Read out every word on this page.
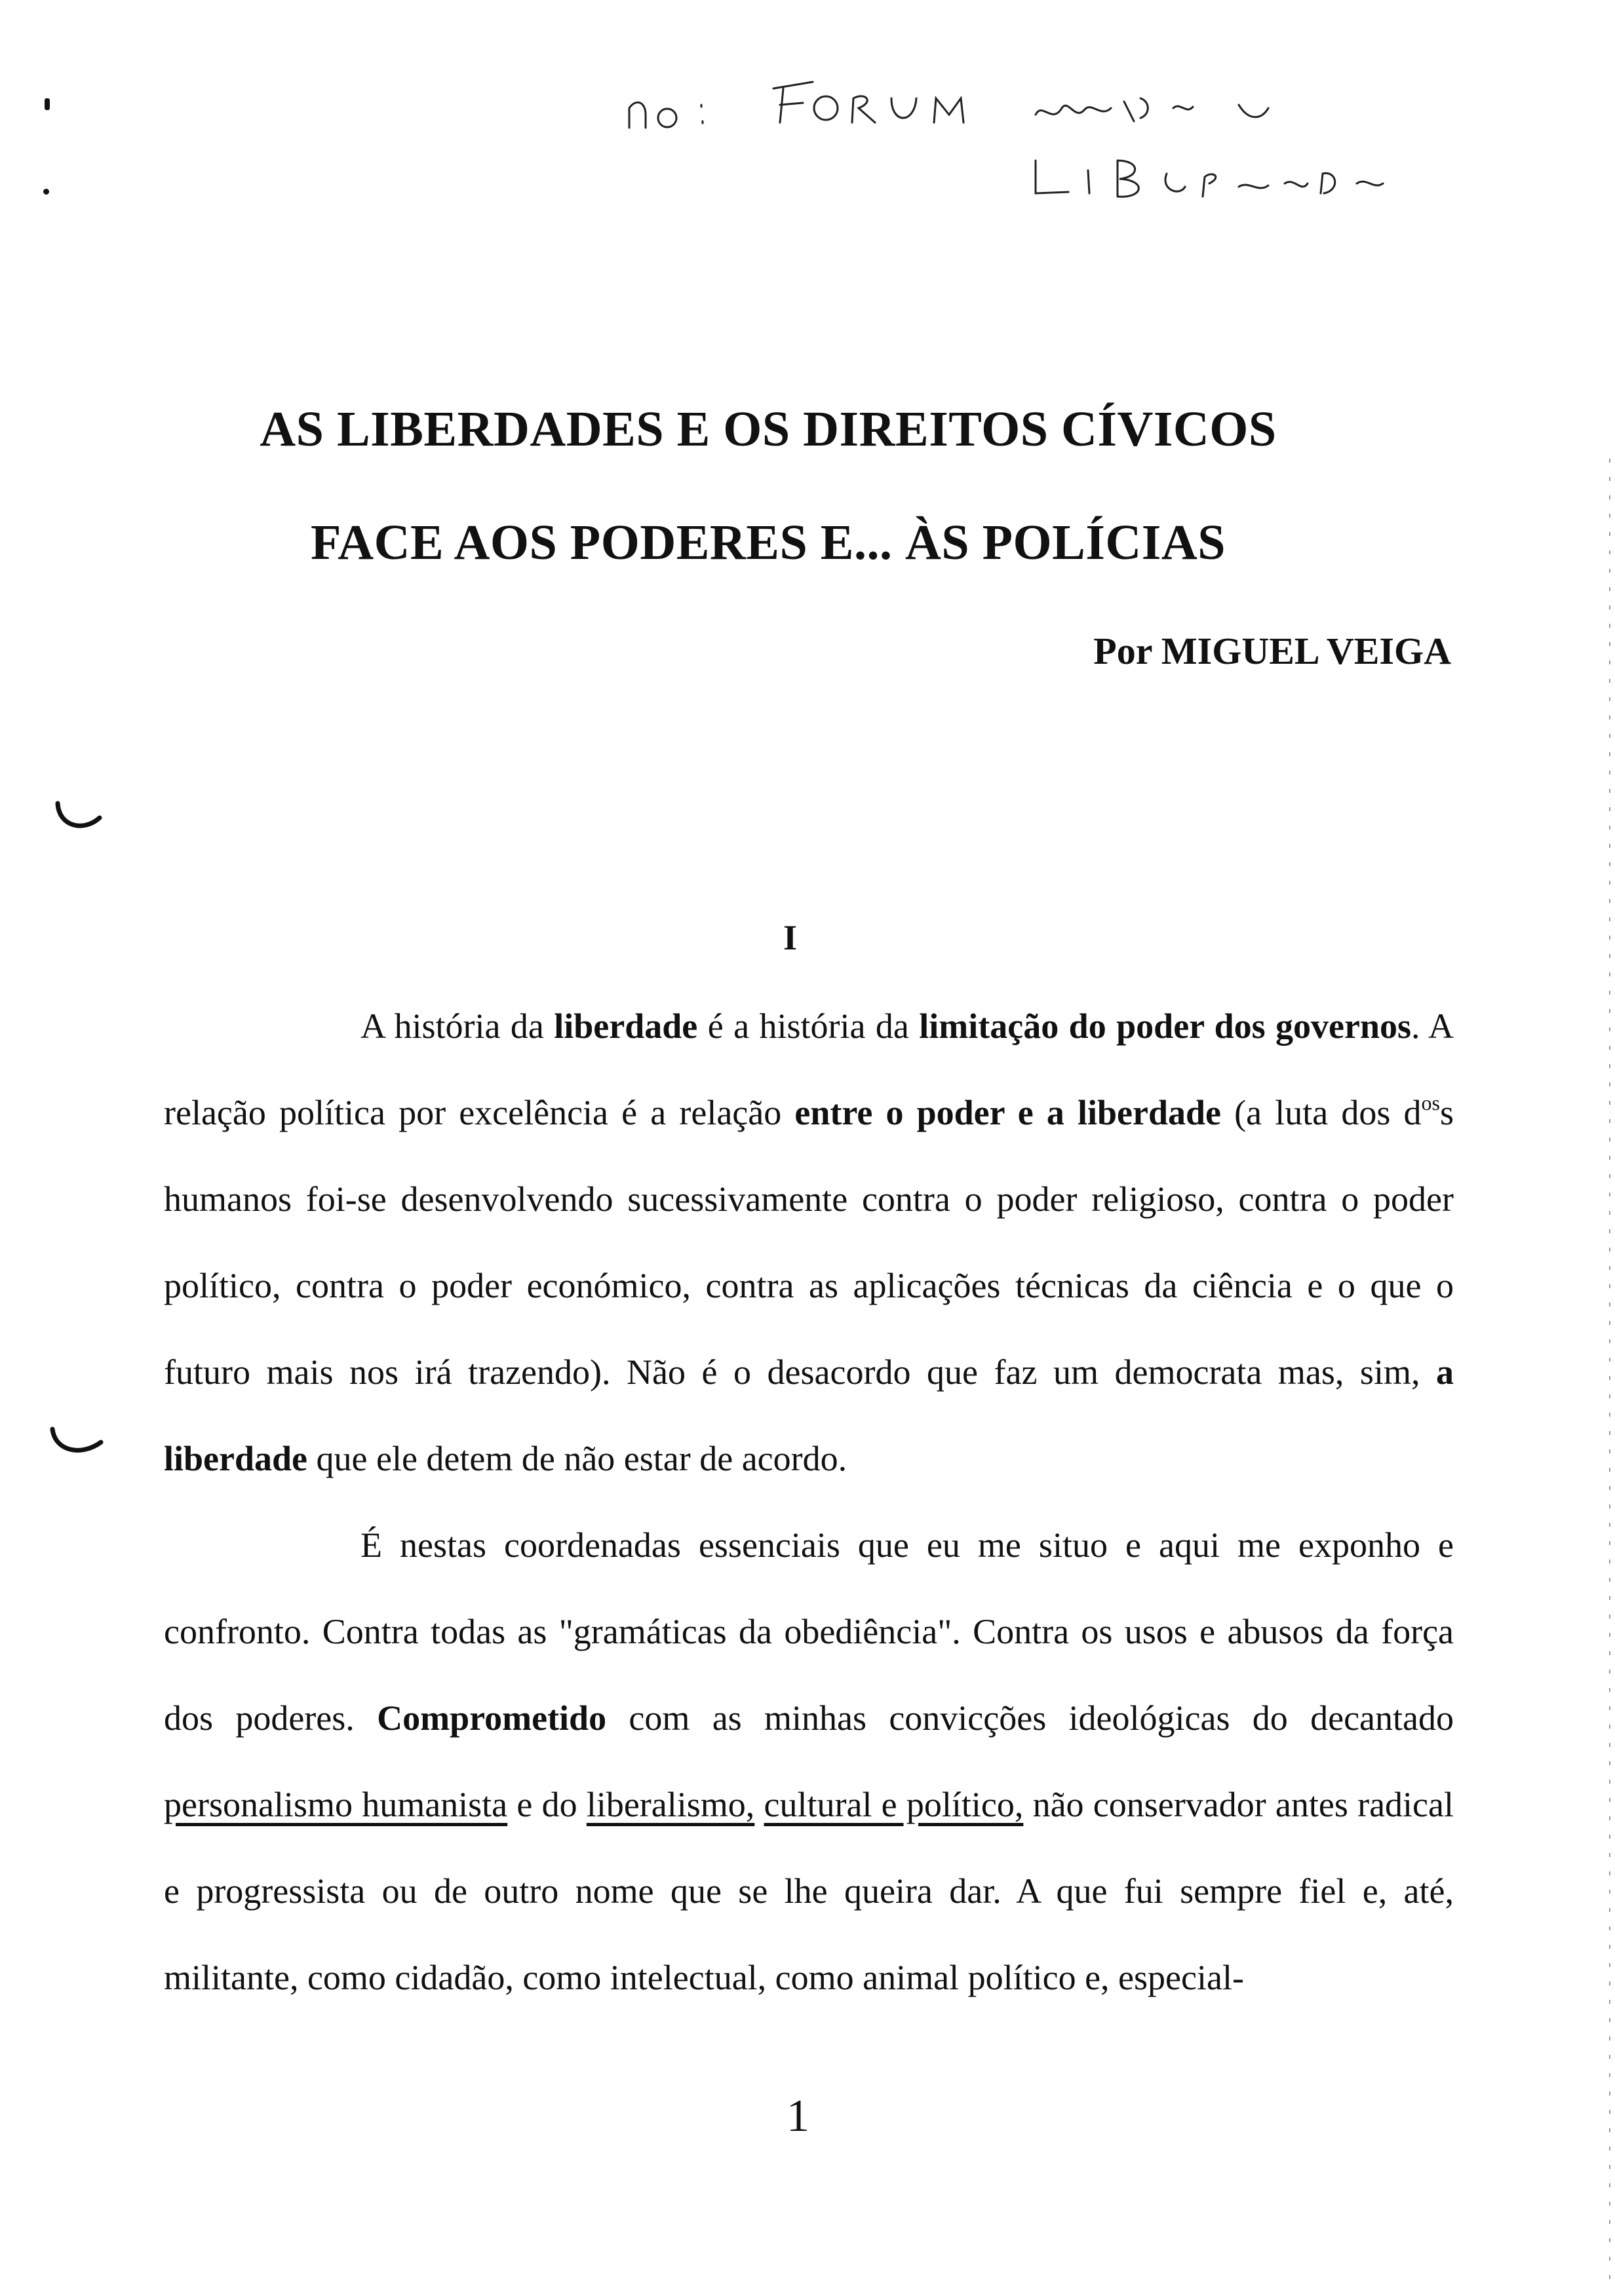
AS LIBERDADES E OS DIREITOS CÍVICOS
FACE AOS PODERES E... ÀS POLÍCIAS

Por MIGUEL VEIGA

I

A história da liberdade é a história da limitação do poder dos governos. A relação política por excelência é a relação entre o poder e a liberdade (a luta dos $d^{os}s$ humanos foi-se desenvolvendo sucessivamente contra o poder religioso, contra o poder político, contra o poder económico, contra as aplicações técnicas da ciência e o que o futuro mais nos irá trazendo). Não é o desacordo que faz um democrata mas, sim, a liberdade que ele detem de não estar de acordo.

É nestas coordenadas essenciais que eu me situo e aqui me exponho e confronto. Contra todas as "gramáticas da obediência". Contra os usos e abusos da força dos poderes. Comprometido com as minhas convicções ideológicas do decantado personalismo humanista e do liberalismo, cultural e político, não conservador antes radical e progressista ou de outro nome que se lhe queira dar. A que fui sempre fiel e, até, militante, como cidadão, como intelectual, como animal político e, especial-

1
